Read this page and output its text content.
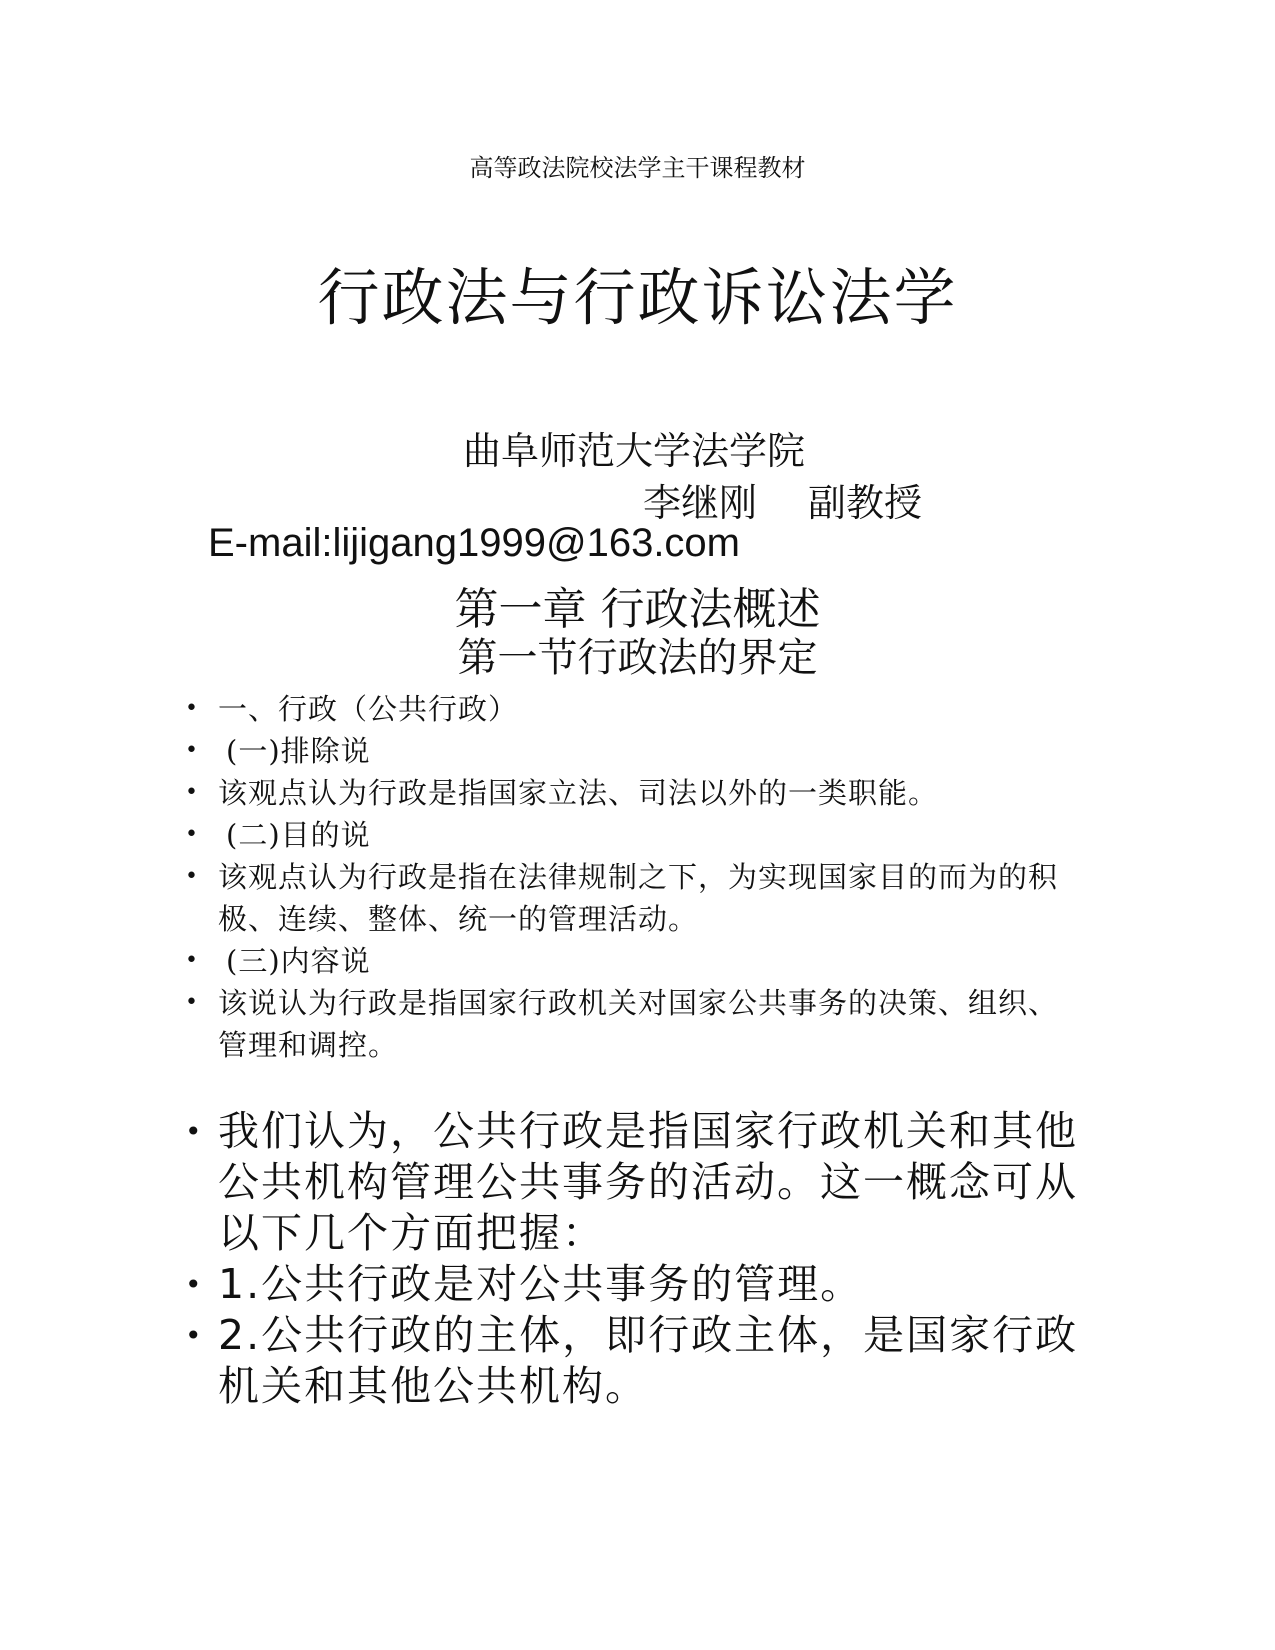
高等政法院校法学主干课程教材
行政法与行政诉讼法学
曲阜师范大学法学院
李继刚 副教授
E-mail:lijigang1999@163.com
第一章 行政法概述
第一节行政法的界定
• 一、行政（公共行政）
• (一)排除说
• 该观点认为行政是指国家立法、司法以外的一类职能。
• (二)目的说
• 该观点认为行政是指在法律规制之下，为实现国家目的而为的积极、连续、整体、统一的管理活动。
• (三)内容说
• 该说认为行政是指国家行政机关对国家公共事务的决策、组织、管理和调控。
• 我们认为，公共行政是指国家行政机关和其他公共机构管理公共事务的活动。这一概念可从以下几个方面把握：
• 1.公共行政是对公共事务的管理。
• 2.公共行政的主体，即行政主体，是国家行政机关和其他公共机构。
